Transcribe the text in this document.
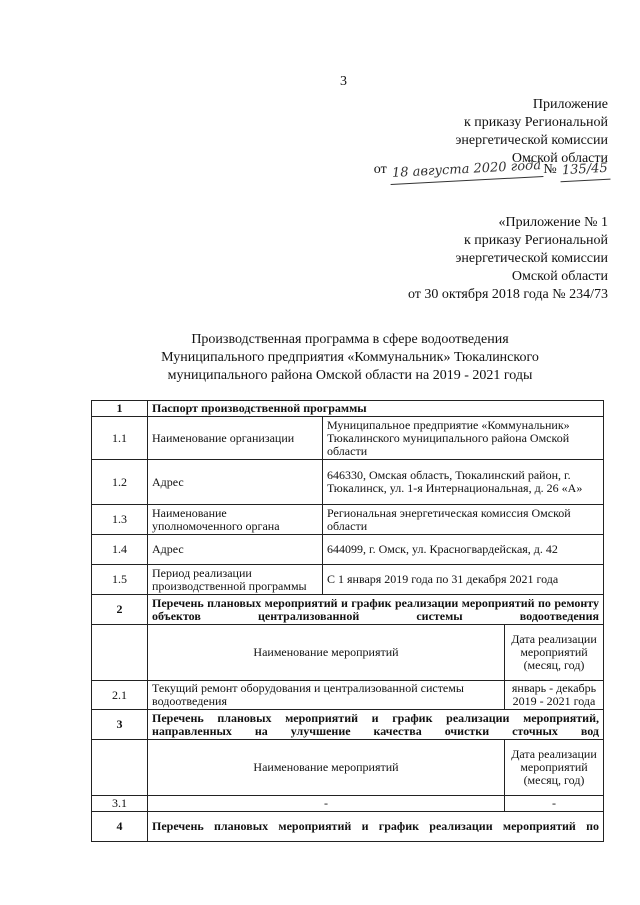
3
Приложение
к приказу Региональной
энергетической комиссии
Омской области
от 18 августа 2020 года № 135/45
«Приложение № 1
к приказу Региональной
энергетической комиссии
Омской области
от 30 октября 2018 года № 234/73
Производственная программа в сфере водоотведения
Муниципального предприятия «Коммунальник» Тюкалинского
муниципального района Омской области на 2019 - 2021 годы
1	Паспорт производственной программы		
1.1	Наименование организации	Муниципальное предприятие «Коммунальник» Тюкалинского муниципального района Омской области	
1.2	Адрес	646330, Омская область, Тюкалинский район, г. Тюкалинск, ул. 1-я Интернациональная, д. 26 «А»	
1.3	Наименование уполномоченного органа	Региональная энергетическая комиссия Омской области	
1.4	Адрес	644099, г. Омск, ул. Красногвардейская, д. 42	
1.5	Период реализации производственной программы	С 1 января 2019 года по 31 декабря 2021 года	
2	Перечень плановых мероприятий и график реализации мероприятий по ремонту объектов централизованной системы водоотведения		
	Наименование мероприятий		Дата реализации мероприятий (месяц, год)
2.1	Текущий ремонт оборудования и централизованной системы водоотведения		январь - декабрь 2019 - 2021 года
3	Перечень плановых мероприятий и график реализации мероприятий, направленных на улучшение качества очистки сточных вод		
	Наименование мероприятий		Дата реализации мероприятий (месяц, год)
3.1	-		-
4	Перечень плановых мероприятий и график реализации мероприятий по		
